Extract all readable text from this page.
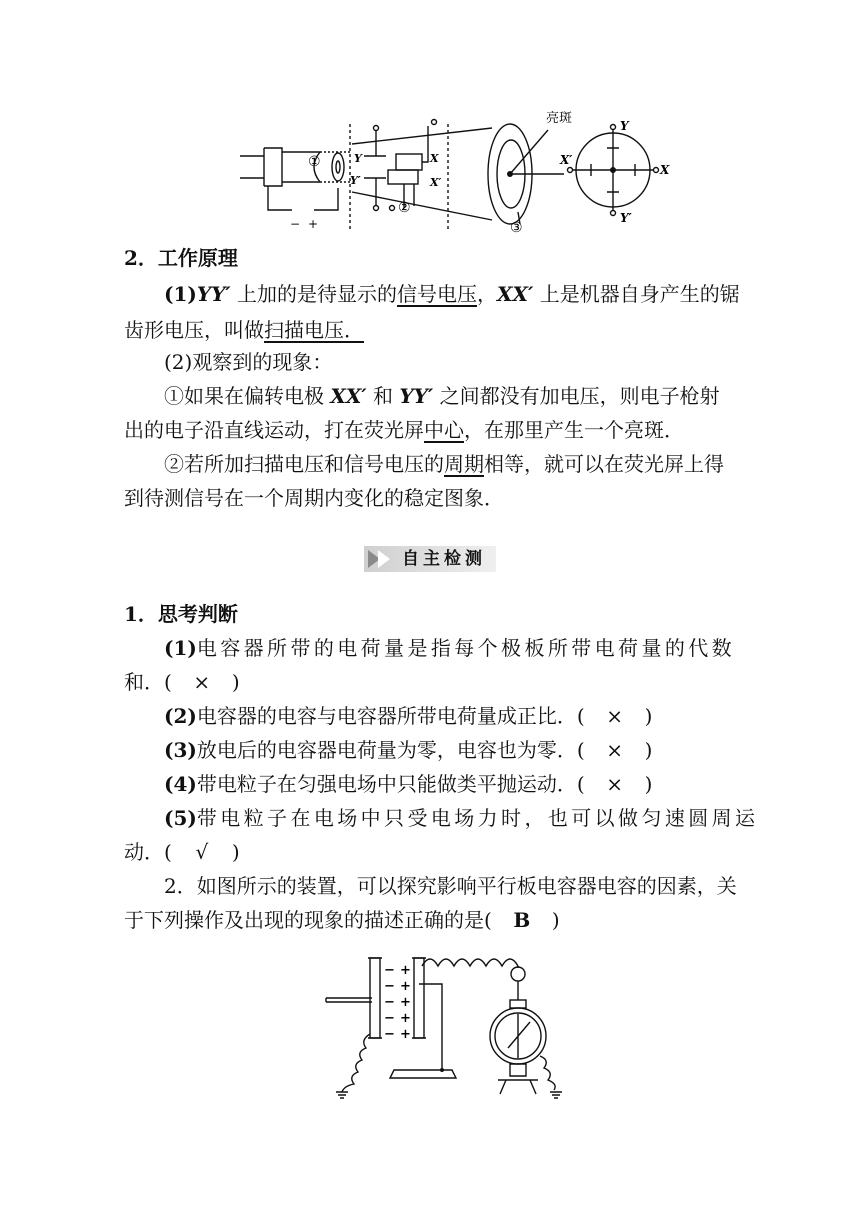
亮斑	Y
Y′
X′
X
Y
Y′
X
X′
①
②
③
− +
2．工作原理
(1)YY′ 上加的是待显示的信号电压，XX′ 上是机器自身产生的锯
齿形电压，叫做扫描电压．
(2)观察到的现象：
①如果在偏转电极 XX′ 和 YY′ 之间都没有加电压，则电子枪射
出的电子沿直线运动，打在荧光屏中心，在那里产生一个亮斑．
②若所加扫描电压和信号电压的周期相等，就可以在荧光屏上得
到待测信号在一个周期内变化的稳定图象．
自主检测
1．思考判断
(1)电容器所带的电荷量是指每个极板所带电荷量的代数
和．( × )
(2)电容器的电容与电容器所带电荷量成正比．( × )
(3)放电后的电容器电荷量为零，电容也为零．( × )
(4)带电粒子在匀强电场中只能做类平抛运动．( × )
(5)带电粒子在电场中只受电场力时，也可以做匀速圆周运
动．( √ )
2．如图所示的装置，可以探究影响平行板电容器电容的因素，关
于下列操作及出现的现象的描述正确的是( B )
− +
− +
− +
− +
− +
